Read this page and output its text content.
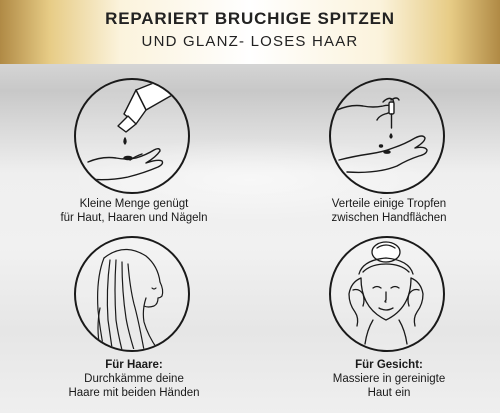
REPARIERT BRUCHIGE SPITZEN
UND GLANZ- LOSES HAAR
Kleine Menge genügt
für Haut, Haaren und Nägeln
Verteile einige Tropfen
zwischen Handflächen
Für Haare:
Durchkämme deine
Haare mit beiden Händen
Für Gesicht:
Massiere in gereinigte
Haut ein
